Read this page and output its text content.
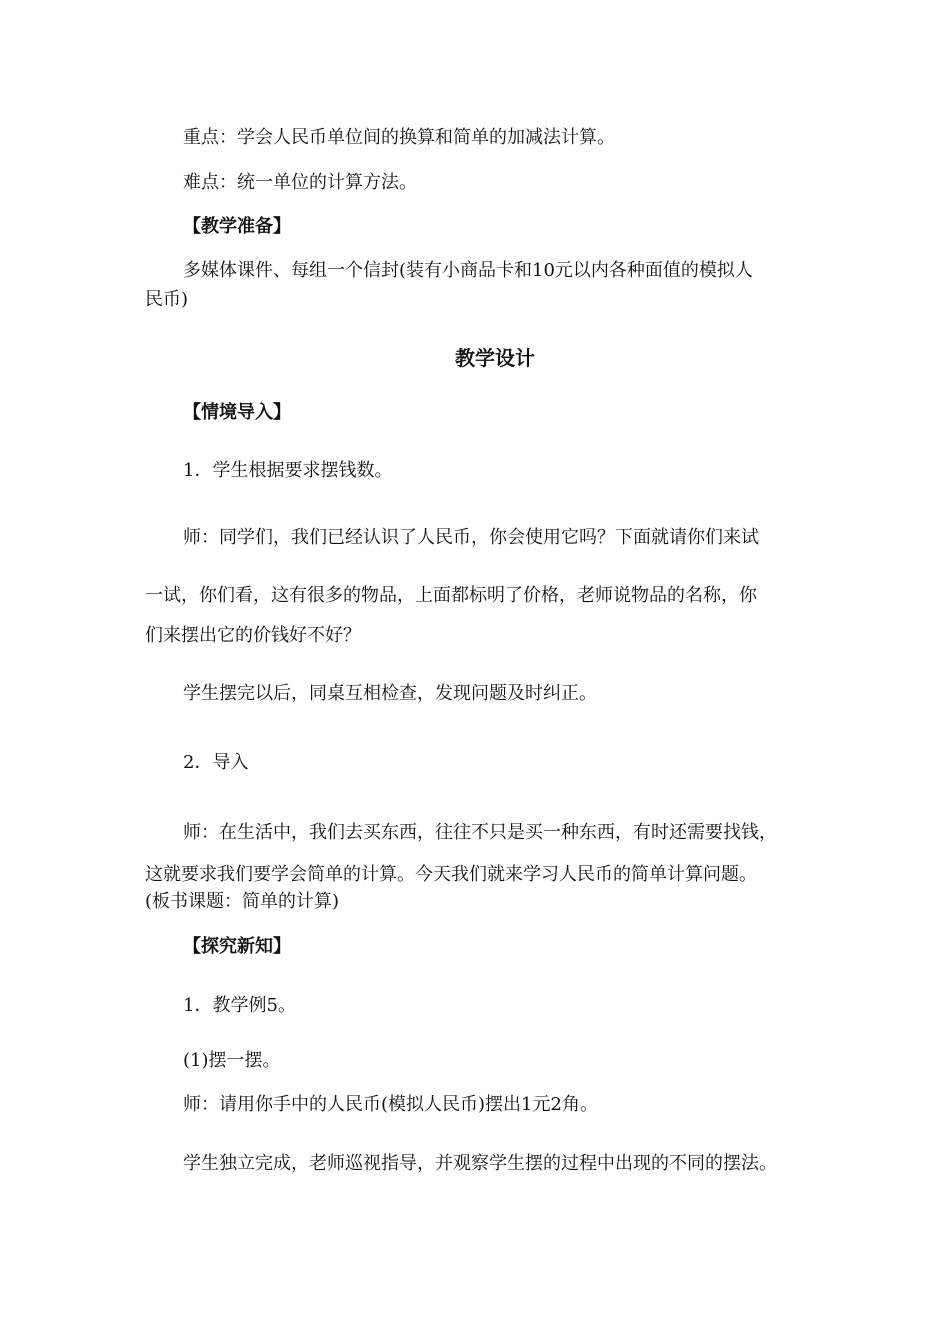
重点：学会人民币单位间的换算和简单的加减法计算。

难点：统一单位的计算方法。

【教学准备】

多媒体课件、每组一个信封(装有小商品卡和10元以内各种面值的模拟人

民币)

教学设计

【情境导入】

1．学生根据要求摆钱数。

师：同学们，我们已经认识了人民币，你会使用它吗？下面就请你们来试

一试，你们看，这有很多的物品，上面都标明了价格，老师说物品的名称，你

们来摆出它的价钱好不好？

学生摆完以后，同桌互相检查，发现问题及时纠正。

2．导入

师：在生活中，我们去买东西，往往不只是买一种东西，有时还需要找钱，

这就要求我们要学会简单的计算。今天我们就来学习人民币的简单计算问题。

(板书课题：简单的计算)

【探究新知】

1．教学例5。

(1)摆一摆。

师：请用你手中的人民币(模拟人民币)摆出1元2角。

学生独立完成，老师巡视指导，并观察学生摆的过程中出现的不同的摆法。
